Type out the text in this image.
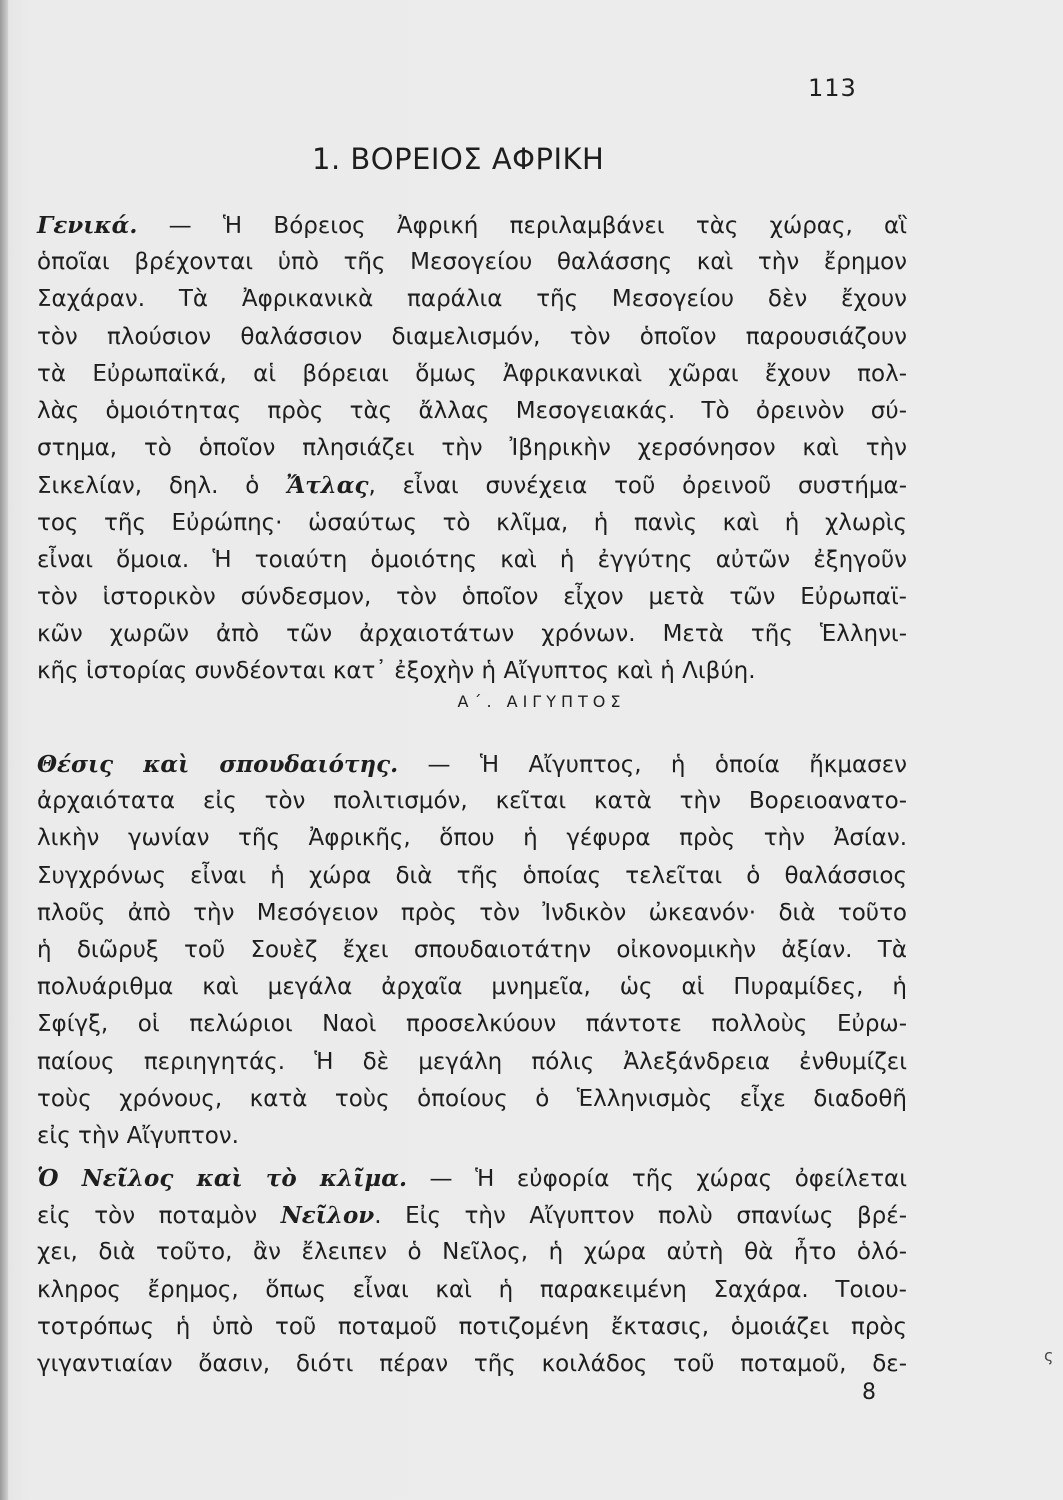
113
1. ΒΟΡΕΙΟΣ ΑΦΡΙΚΗ
Γενικά. — Ἡ Βόρειος Ἀφρική περιλαμβάνει τὰς χώρας, αἳ
ὁποῖαι βρέχονται ὑπὸ τῆς Μεσογείου θαλάσσης καὶ τὴν ἔρημον
Σαχάραν. Τὰ Ἀφρικανικὰ παράλια τῆς Μεσογείου δὲν ἔχουν
τὸν πλούσιον θαλάσσιον διαμελισμόν, τὸν ὁποῖον παρουσιάζουν
τὰ Εὐρωπαϊκά, αἱ βόρειαι ὅμως Ἀφρικανικαὶ χῶραι ἔχουν πολ-
λὰς ὁμοιότητας πρὸς τὰς ἄλλας Μεσογειακάς. Τὸ ὀρεινὸν σύ-
στημα, τὸ ὁποῖον πλησιάζει τὴν Ἰβηρικὴν χερσόνησον καὶ τὴν
Σικελίαν, δηλ. ὁ Ἄτλας, εἶναι συνέχεια τοῦ ὀρεινοῦ συστήμα-
τος τῆς Εὐρώπης· ὡσαύτως τὸ κλῖμα, ἡ πανὶς καὶ ἡ χλωρὶς
εἶναι ὅμοια. Ἡ τοιαύτη ὁμοιότης καὶ ἡ ἐγγύτης αὐτῶν ἐξηγοῦν
τὸν ἱστορικὸν σύνδεσμον, τὸν ὁποῖον εἶχον μετὰ τῶν Εὐρωπαϊ-
κῶν χωρῶν ἀπὸ τῶν ἀρχαιοτάτων χρόνων. Μετὰ τῆς Ἑλληνι-
κῆς ἱστορίας συνδέονται κατ᾿ ἐξοχὴν ἡ Αἴγυπτος καὶ ἡ Λιβύη.
Α΄. ΑΙΓΥΠΤΟΣ
Θέσις καὶ σπουδαιότης. — Ἡ Αἴγυπτος, ἡ ὁποία ἤκμασεν
ἀρχαιότατα εἰς τὸν πολιτισμόν, κεῖται κατὰ τὴν Βορειοανατο-
λικὴν γωνίαν τῆς Ἀφρικῆς, ὅπου ἡ γέφυρα πρὸς τὴν Ἀσίαν.
Συγχρόνως εἶναι ἡ χώρα διὰ τῆς ὁποίας τελεῖται ὁ θαλάσσιος
πλοῦς ἀπὸ τὴν Μεσόγειον πρὸς τὸν Ἰνδικὸν ὠκεανόν· διὰ τοῦτο
ἡ διῶρυξ τοῦ Σουὲζ ἔχει σπουδαιοτάτην οἰκονομικὴν ἀξίαν. Τὰ
πολυάριθμα καὶ μεγάλα ἀρχαῖα μνημεῖα, ὡς αἱ Πυραμίδες, ἡ
Σφίγξ, οἱ πελώριοι Ναοὶ προσελκύουν πάντοτε πολλοὺς Εὐρω-
παίους περιηγητάς. Ἡ δὲ μεγάλη πόλις Ἀλεξάνδρεια ἐνθυμίζει
τοὺς χρόνους, κατὰ τοὺς ὁποίους ὁ Ἑλληνισμὸς εἶχε διαδοθῆ
εἰς τὴν Αἴγυπτον.
Ὁ Νεῖλος καὶ τὸ κλῖμα. — Ἡ εὐφορία τῆς χώρας ὀφείλεται
εἰς τὸν ποταμὸν Νεῖλον. Εἰς τὴν Αἴγυπτον πολὺ σπανίως βρέ-
χει, διὰ τοῦτο, ἂν ἔλειπεν ὁ Νεῖλος, ἡ χώρα αὐτὴ θὰ ἦτο ὁλό-
κληρος ἔρημος, ὅπως εἶναι καὶ ἡ παρακειμένη Σαχάρα. Τοιου-
τοτρόπως ἡ ὑπὸ τοῦ ποταμοῦ ποτιζομένη ἔκτασις, ὁμοιάζει πρὸς
γιγαντιαίαν ὄασιν, διότι πέραν τῆς κοιλάδος τοῦ ποταμοῦ, δε-
8
ς
